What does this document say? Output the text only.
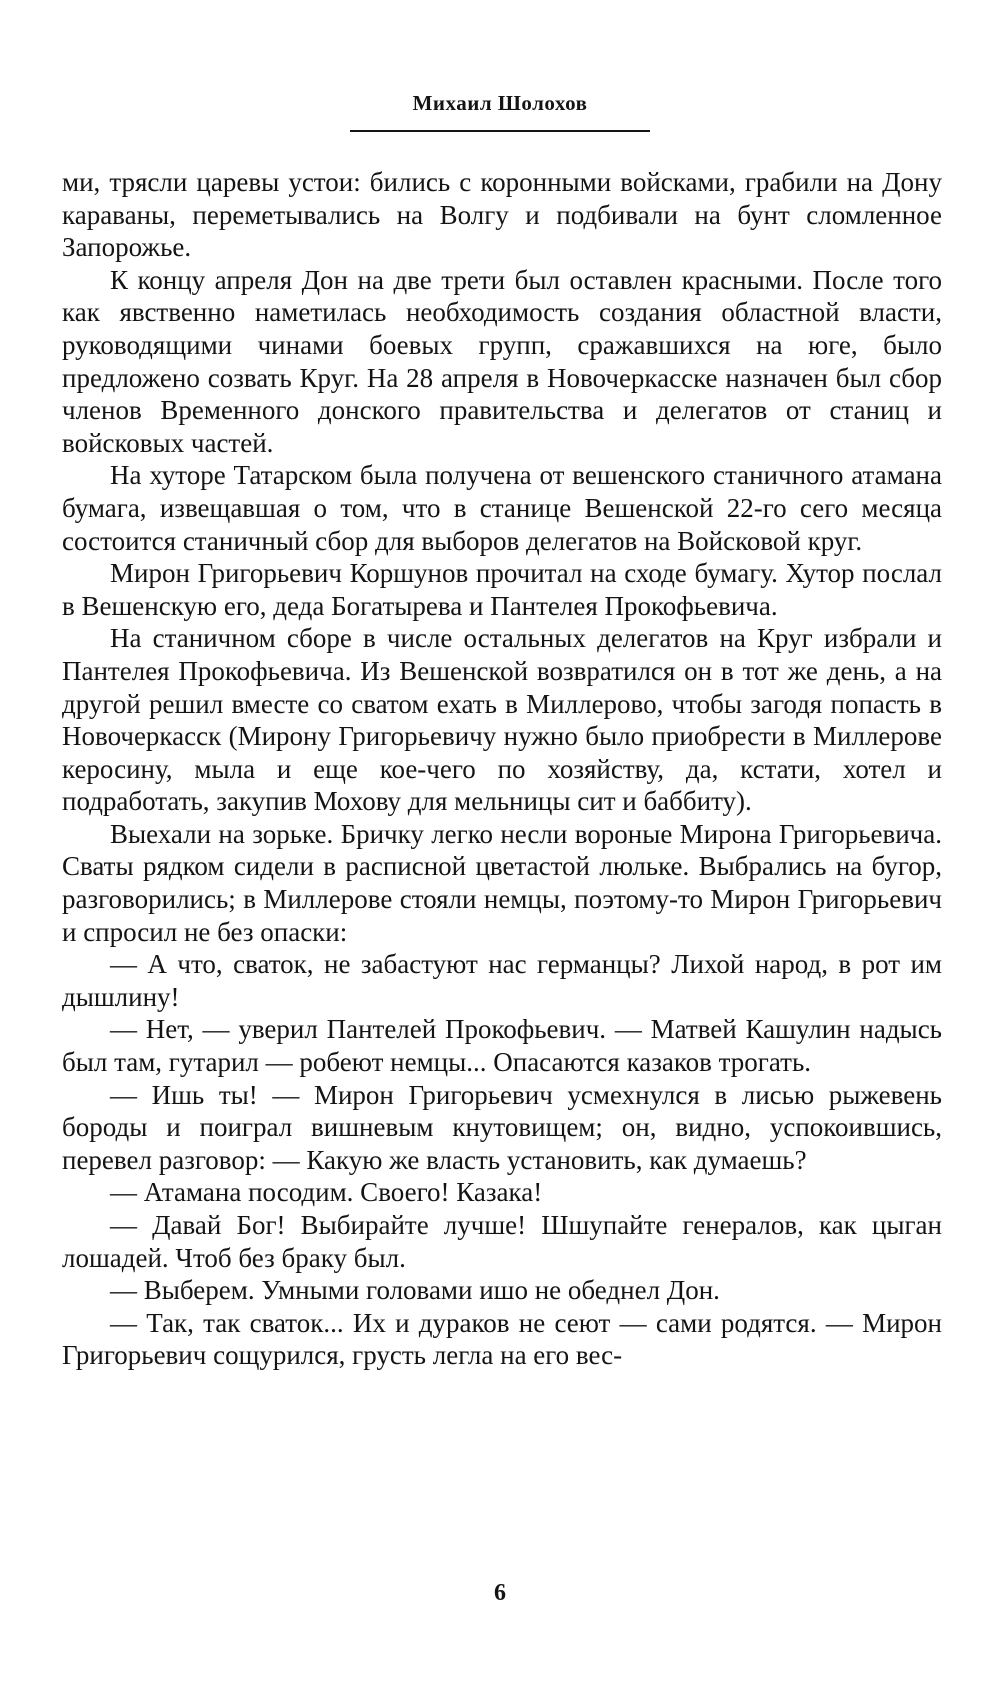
Михаил Шолохов

ми, трясли царевы устои: бились с коронными войсками, грабили на Дону караваны, переметывались на Волгу и подбивали на бунт сломленное Запорожье.

К концу апреля Дон на две трети был оставлен красными. После того как явственно наметилась необходимость создания областной власти, руководящими чинами боевых групп, сражавшихся на юге, было предложено созвать Круг. На 28 апреля в Новочеркасске назначен был сбор членов Временного донского правительства и делегатов от станиц и войсковых частей.

На хуторе Татарском была получена от вешенского станичного атамана бумага, извещавшая о том, что в станице Вешенской 22-го сего месяца состоится станичный сбор для выборов делегатов на Войсковой круг.

Мирон Григорьевич Коршунов прочитал на сходе бумагу. Хутор послал в Вешенскую его, деда Богатырева и Пантелея Прокофьевича.

На станичном сборе в числе остальных делегатов на Круг избрали и Пантелея Прокофьевича. Из Вешенской возвратился он в тот же день, а на другой решил вместе со сватом ехать в Миллерово, чтобы загодя попасть в Новочеркасск (Мирону Григорьевичу нужно было приобрести в Миллерове керосину, мыла и еще кое-чего по хозяйству, да, кстати, хотел и подработать, закупив Мохову для мельницы сит и баббиту).

Выехали на зорьке. Бричку легко несли вороные Мирона Григорьевича. Сваты рядком сидели в расписной цветастой люльке. Выбрались на бугор, разговорились; в Миллерове стояли немцы, поэтому-то Мирон Григорьевич и спросил не без опаски:

— А что, сваток, не забастуют нас германцы? Лихой народ, в рот им дышлину!

— Нет, — уверил Пантелей Прокофьевич. — Матвей Кашулин надысь был там, гутарил — робеют немцы... Опасаются казаков трогать.

— Ишь ты! — Мирон Григорьевич усмехнулся в лисью рыжевень бороды и поиграл вишневым кнутовищем; он, видно, успокоившись, перевел разговор: — Какую же власть установить, как думаешь?

— Атамана посодим. Своего! Казака!

— Давай Бог! Выбирайте лучше! Шшупайте генералов, как цыган лошадей. Чтоб без браку был.

— Выберем. Умными головами ишо не обеднел Дон.

— Так, так сваток... Их и дураков не сеют — сами родятся. — Мирон Григорьевич сощурился, грусть легла на его вес-

6
